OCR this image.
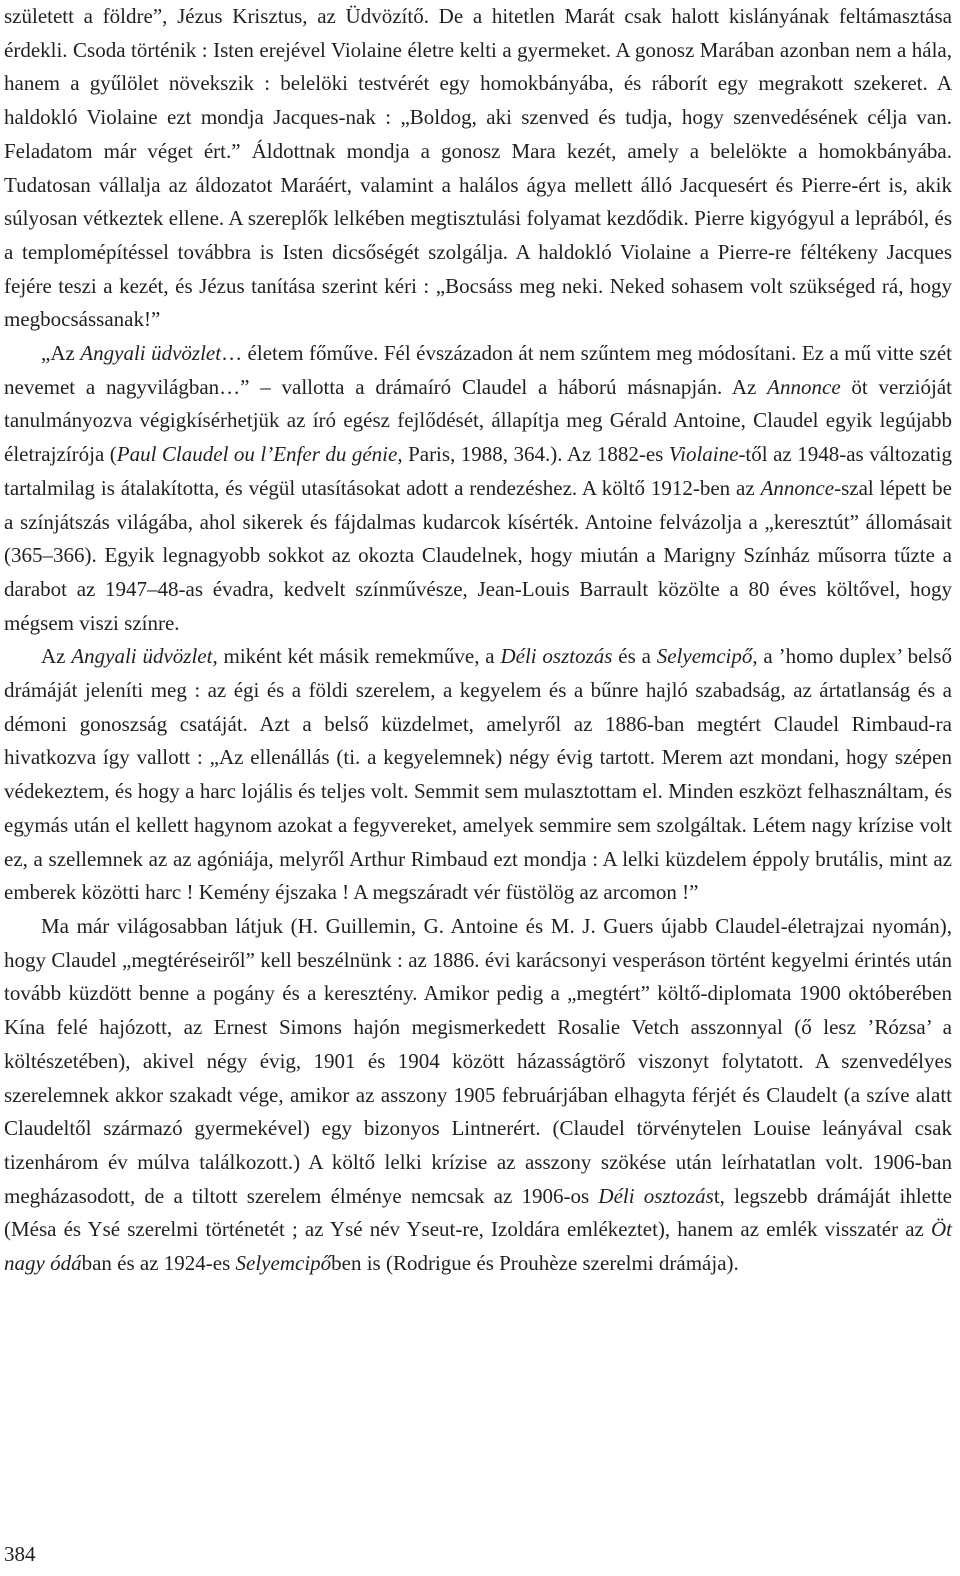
született a földre”, Jézus Krisztus, az Üdvözítő. De a hitetlen Marát csak halott kislányának feltámasztása érdekli. Csoda történik : Isten erejével Violaine életre kelti a gyermeket. A gonosz Marában azonban nem a hála, hanem a gyűlölet növekszik : belelöki testvérét egy homokbányába, és ráborít egy megrakott szekeret. A haldokló Violaine ezt mondja Jacques-nak : „Boldog, aki szenved és tudja, hogy szenvedésének célja van. Feladatom már véget ért.” Áldottnak mondja a gonosz Mara kezét, amely a belelökte a homokbányába. Tudatosan vállalja az áldozatot Maráért, valamint a halálos ágya mellett álló Jacquesért és Pierre-ért is, akik súlyosan vétkeztek ellene. A szereplők lelkében megtisztulási folyamat kezdődik. Pierre kigyógyul a leprából, és a templomépítéssel továbbra is Isten dicsőségét szolgálja. A haldokló Violaine a Pierre-re féltékeny Jacques fejére teszi a kezét, és Jézus tanítása szerint kéri : „Bocsáss meg neki. Neked sohasem volt szükséged rá, hogy megbocsássanak!”

„Az Angyali üdvözlet… életem főműve. Fél évszázadon át nem szűntem meg módosítani. Ez a mű vitte szét nevemet a nagyvilágban…” – vallotta a drámaíró Claudel a háború másnapján. Az Annonce öt verzióját tanulmányozva végigkísérhetjük az író egész fejlődését, állapítja meg Gérald Antoine, Claudel egyik legújabb életrajzírója (Paul Claudel ou l’Enfer du génie, Paris, 1988, 364.). Az 1882-es Violaine-től az 1948-as változatig tartalmilag is átalakította, és végül utasításokat adott a rendezéshez. A költő 1912-ben az Annonce-szal lépett be a színjátszás világába, ahol sikerek és fájdalmas kudarcok kísérték. Antoine felvázolja a „keresztút” állomásait (365–366). Egyik legnagyobb sokkot az okozta Claudelnek, hogy miután a Marigny Színház műsorra tűzte a darabot az 1947–48-as évadra, kedvelt színművésze, Jean-Louis Barrault közölte a 80 éves költővel, hogy mégsem viszi színre.

Az Angyali üdvözlet, miként két másik remekműve, a Déli osztozás és a Selyemcipő, a ’homo duplex’ belső drámáját jeleníti meg : az égi és a földi szerelem, a kegyelem és a bűnre hajló szabadság, az ártatlanság és a démoni gonoszság csatáját. Azt a belső küzdelmet, amelyről az 1886-ban megtért Claudel Rimbaud-ra hivatkozva így vallott : „Az ellenállás (ti. a kegyelemnek) négy évig tartott. Merem azt mondani, hogy szépen védekeztem, és hogy a harc lojális és teljes volt. Semmit sem mulasztottam el. Minden eszközt felhasználtam, és egymás után el kellett hagynom azokat a fegyvereket, amelyek semmire sem szolgáltak. Létem nagy krízise volt ez, a szellemnek az az agóniája, melyről Arthur Rimbaud ezt mondja : A lelki küzdelem éppoly brutális, mint az emberek közötti harc ! Kemény éjszaka ! A megszáradt vér füstölög az arcomon !”

Ma már világosabban látjuk (H. Guillemin, G. Antoine és M. J. Guers újabb Claudel-életrajzai nyomán), hogy Claudel „megtéréseiről” kell beszélnünk : az 1886. évi karácsonyi vesperáson történt kegyelmi érintés után tovább küzdött benne a pogány és a keresztény. Amikor pedig a „megtért” költő-diplomata 1900 októberében Kína felé hajózott, az Ernest Simons hajón megismerkedett Rosalie Vetch asszonnyal (ő lesz ’Rózsa’ a költészetében), akivel négy évig, 1901 és 1904 között házasságtörő viszonyt folytatott. A szenvedélyes szerelemnek akkor szakadt vége, amikor az asszony 1905 februárjában elhagyta férjét és Claudelt (a szíve alatt Claudeltől származó gyermekével) egy bizonyos Lintnerért. (Claudel törvénytelen Louise leányával csak tizenhárom év múlva találkozott.) A költő lelki krízise az asszony szökése után leírhatatlan volt. 1906-ban megházasodott, de a tiltott szerelem élménye nemcsak az 1906-os Déli osztozást, legszebb drámáját ihlette (Mésa és Ysé szerelmi történetét ; az Ysé név Yseut-re, Izoldára emlékeztet), hanem az emlék visszatér az Öt nagy ódában és az 1924-es Selyemcipőben is (Rodrigue és Prouhèze szerelmi drámája).

384
